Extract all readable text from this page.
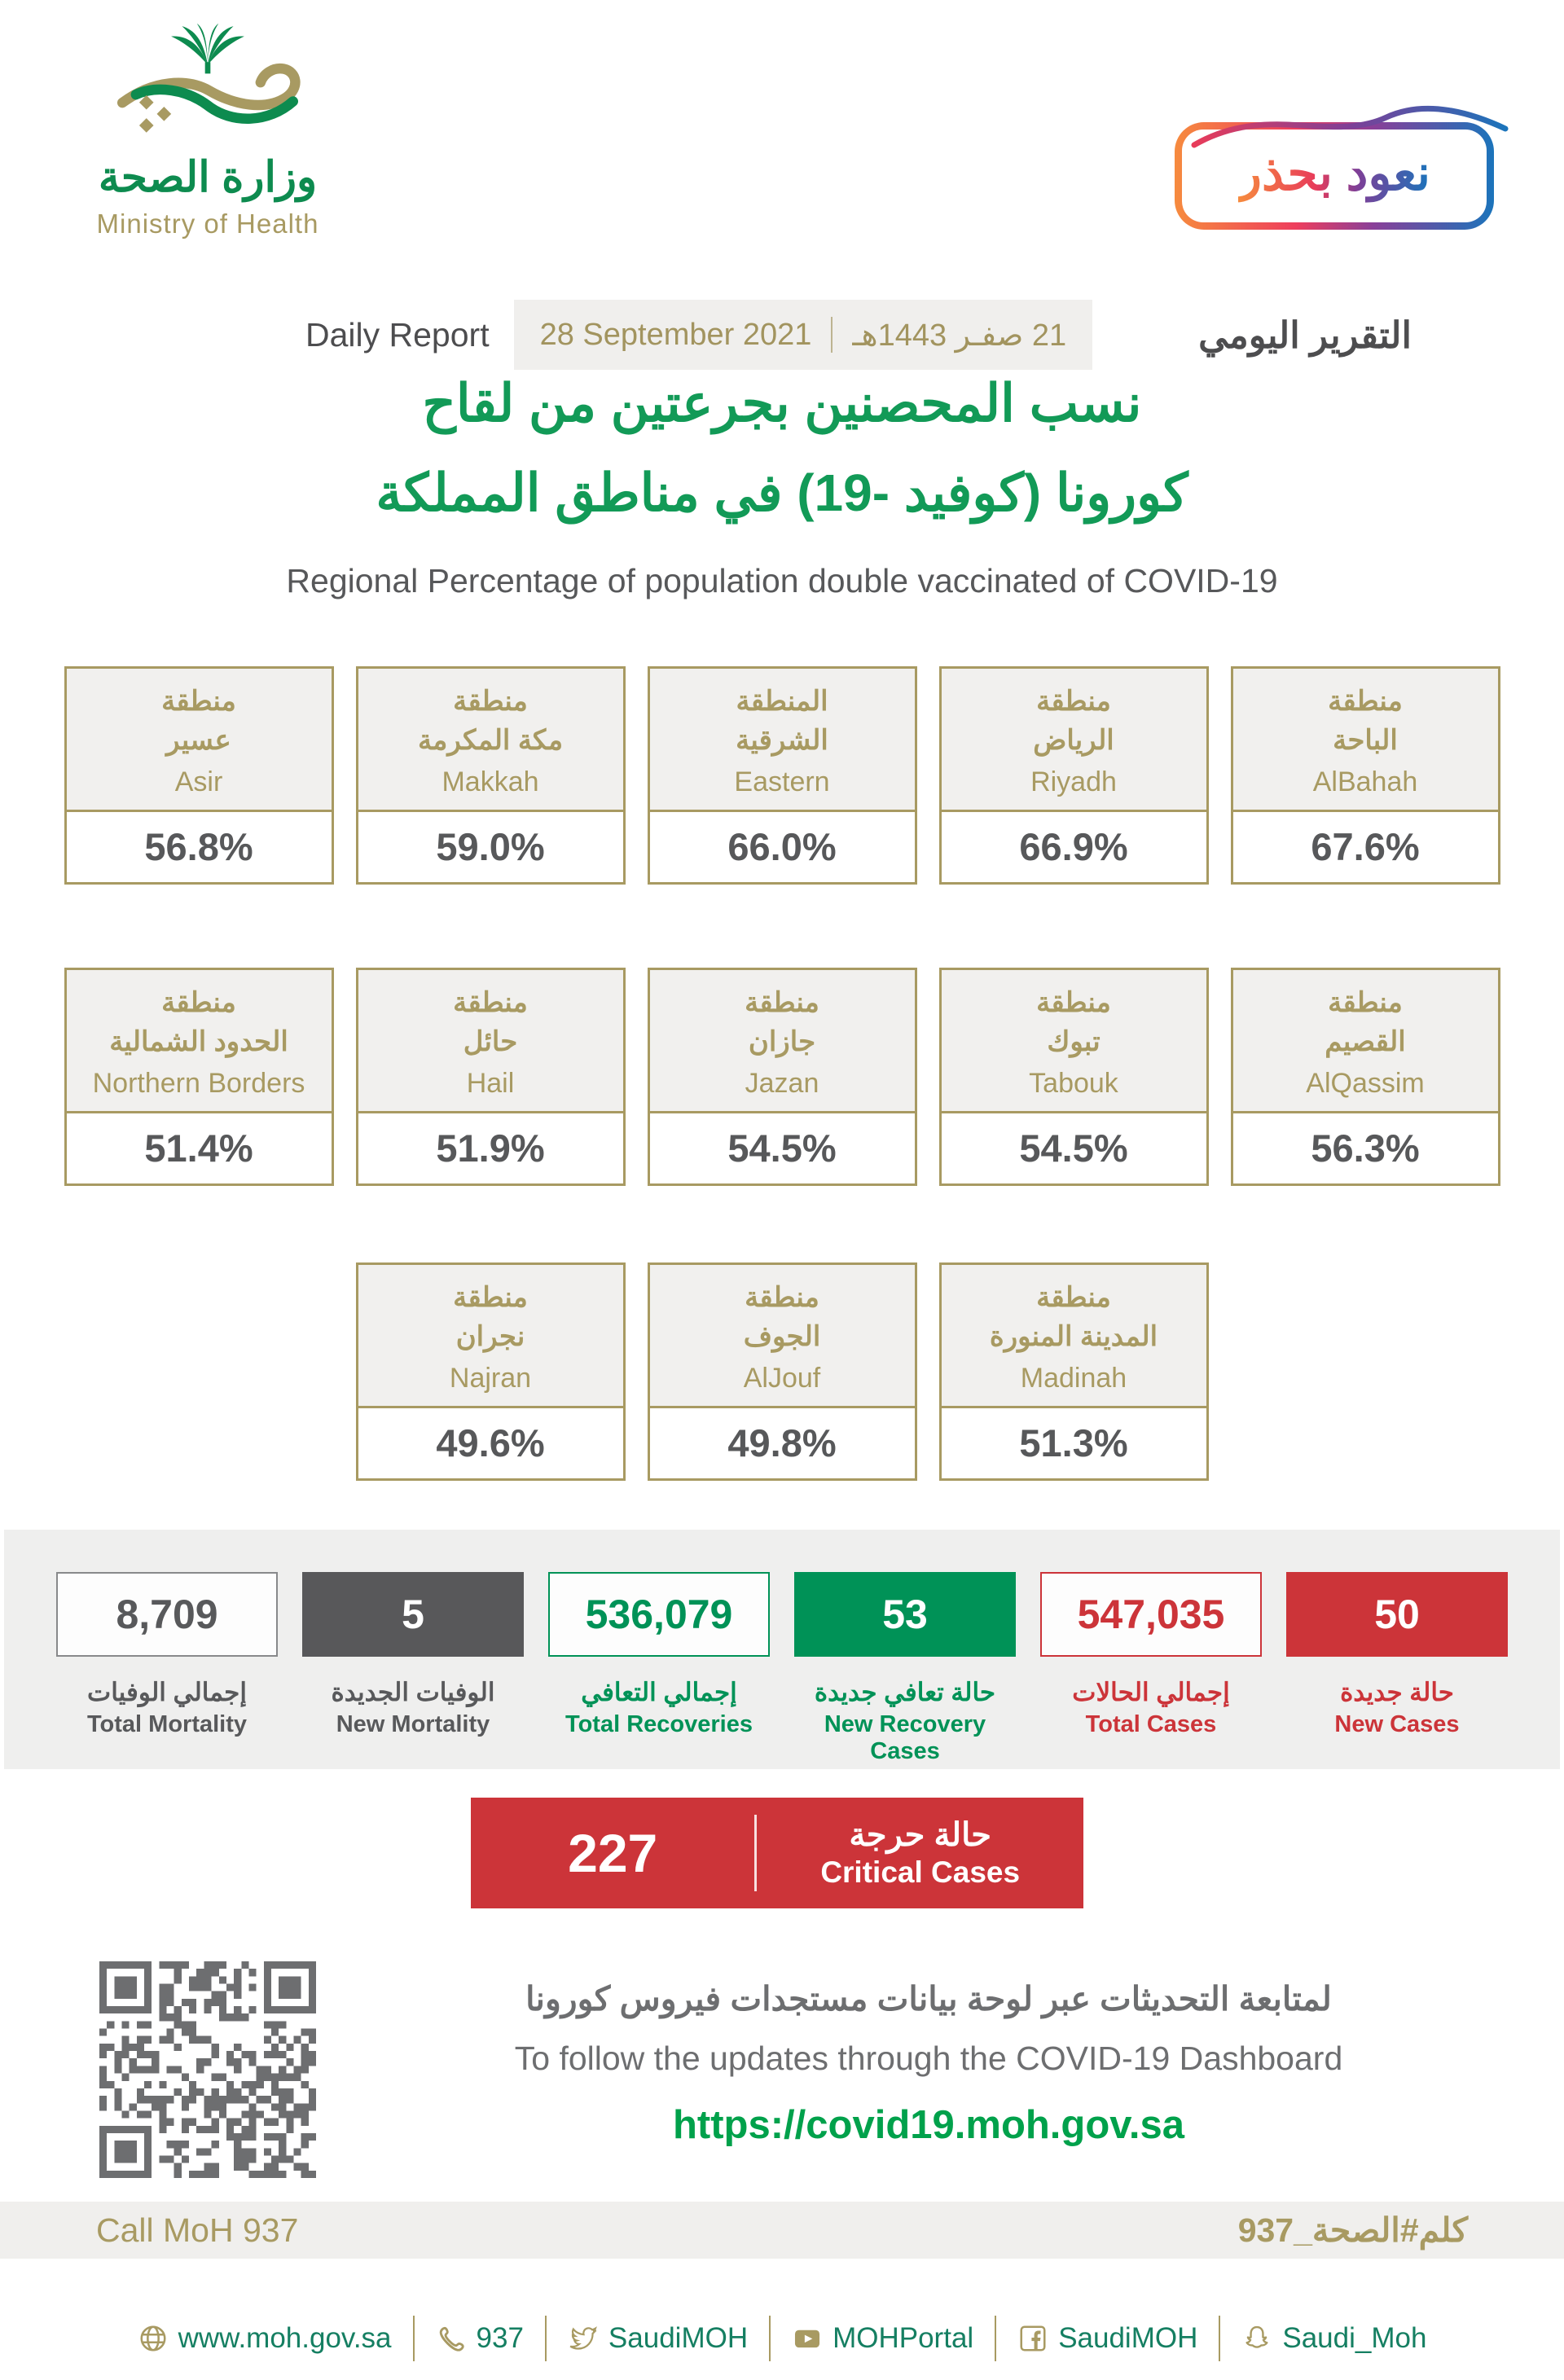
وزارة الصحة
Ministry of Health
نعود بحذر
Daily Report 28 September 2021 21 صفـر 1443هـ	التقرير اليومي
نسب المحصنين بجرعتين من لقاح
كورونا (كوفيد -19) في مناطق المملكة
Regional Percentage of population double vaccinated of COVID-19
منطقة
عسير
Asir
56.8%
منطقة
مكة المكرمة
Makkah
59.0%
المنطقة
الشرقية
Eastern
66.0%
منطقة
الرياض
Riyadh
66.9%
منطقة
الباحة
AlBahah
67.6%
منطقة
الحدود الشمالية
Northern Borders
51.4%
منطقة
حائل
Hail
51.9%
منطقة
جازان
Jazan
54.5%
منطقة
تبوك
Tabouk
54.5%
منطقة
القصيم
AlQassim
56.3%
منطقة
نجران
Najran
49.6%
منطقة
الجوف
AlJouf
49.8%
منطقة
المدينة المنورة
Madinah
51.3%
8,709
إجمالي الوفيات
Total Mortality
5
الوفيات الجديدة
New Mortality
536,079
إجمالي التعافي
Total Recoveries
53
حالة تعافي جديدة
New Recovery Cases
547,035
إجمالي الحالات
Total Cases
50
حالة جديدة
New Cases
227	حالة حرجة
Critical Cases
لمتابعة التحديثات عبر لوحة بيانات مستجدات فيروس كورونا
To follow the updates through the COVID-19 Dashboard
https://covid19.moh.gov.sa
Call MoH 937	كلم#الصحة_937
www.moh.gov.sa	937	SaudiMOH	MOHPortal	SaudiMOH	Saudi_Moh
